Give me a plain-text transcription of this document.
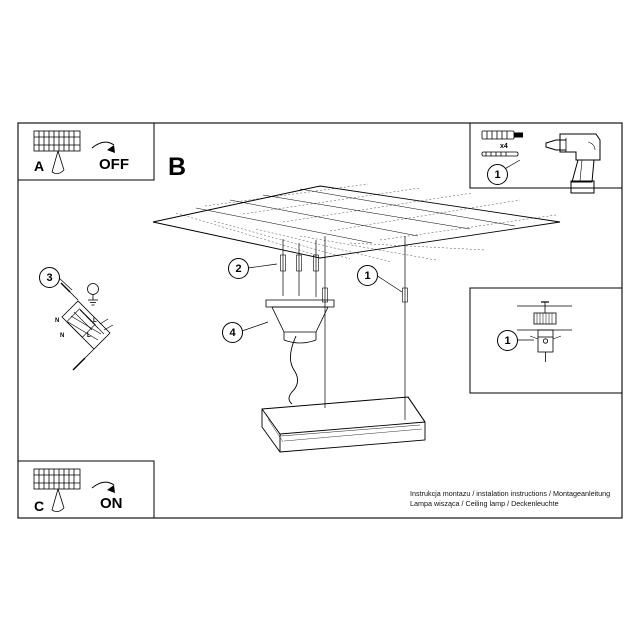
A	OFF
C	ON
B
x4
1
2
4
3
1
1
N	L
N	L
Instrukcja montazu / instalation instructions / Montageanleitung
Lampa wisząca / Ceiling lamp / Deckenleuchte
